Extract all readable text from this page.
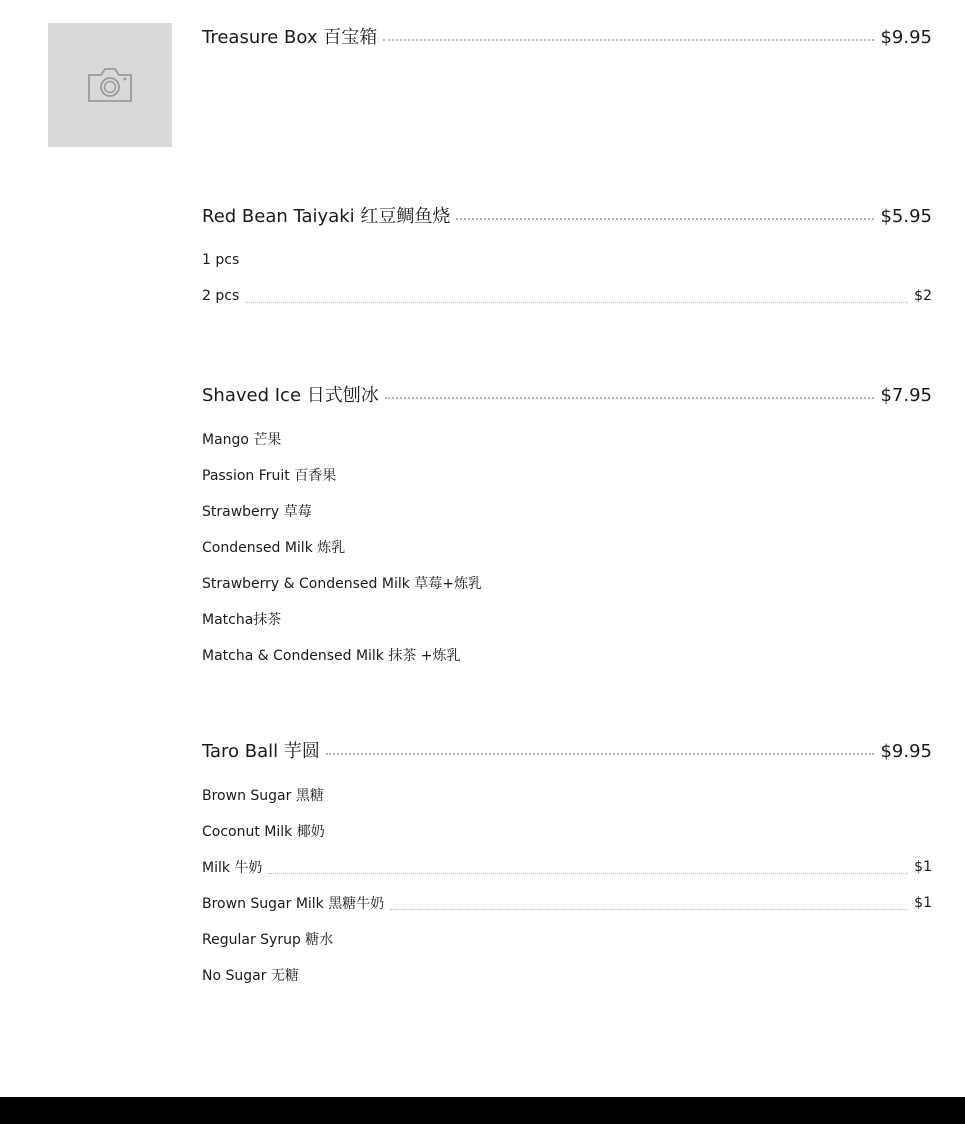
Treasure Box 百宝箱	$9.95
Red Bean Taiyaki 红豆鲷鱼烧	$5.95
1 pcs
2 pcs	$2
Shaved Ice 日式刨冰	$7.95
Mango 芒果
Passion Fruit 百香果
Strawberry 草莓
Condensed Milk 炼乳
Strawberry & Condensed Milk 草莓+炼乳
Matcha抹茶
Matcha & Condensed Milk 抹茶 +炼乳
Taro Ball 芋圆	$9.95
Brown Sugar 黑糖
Coconut Milk 椰奶
Milk 牛奶	$1
Brown Sugar Milk 黑糖牛奶	$1
Regular Syrup 糖水
No Sugar 无糖
